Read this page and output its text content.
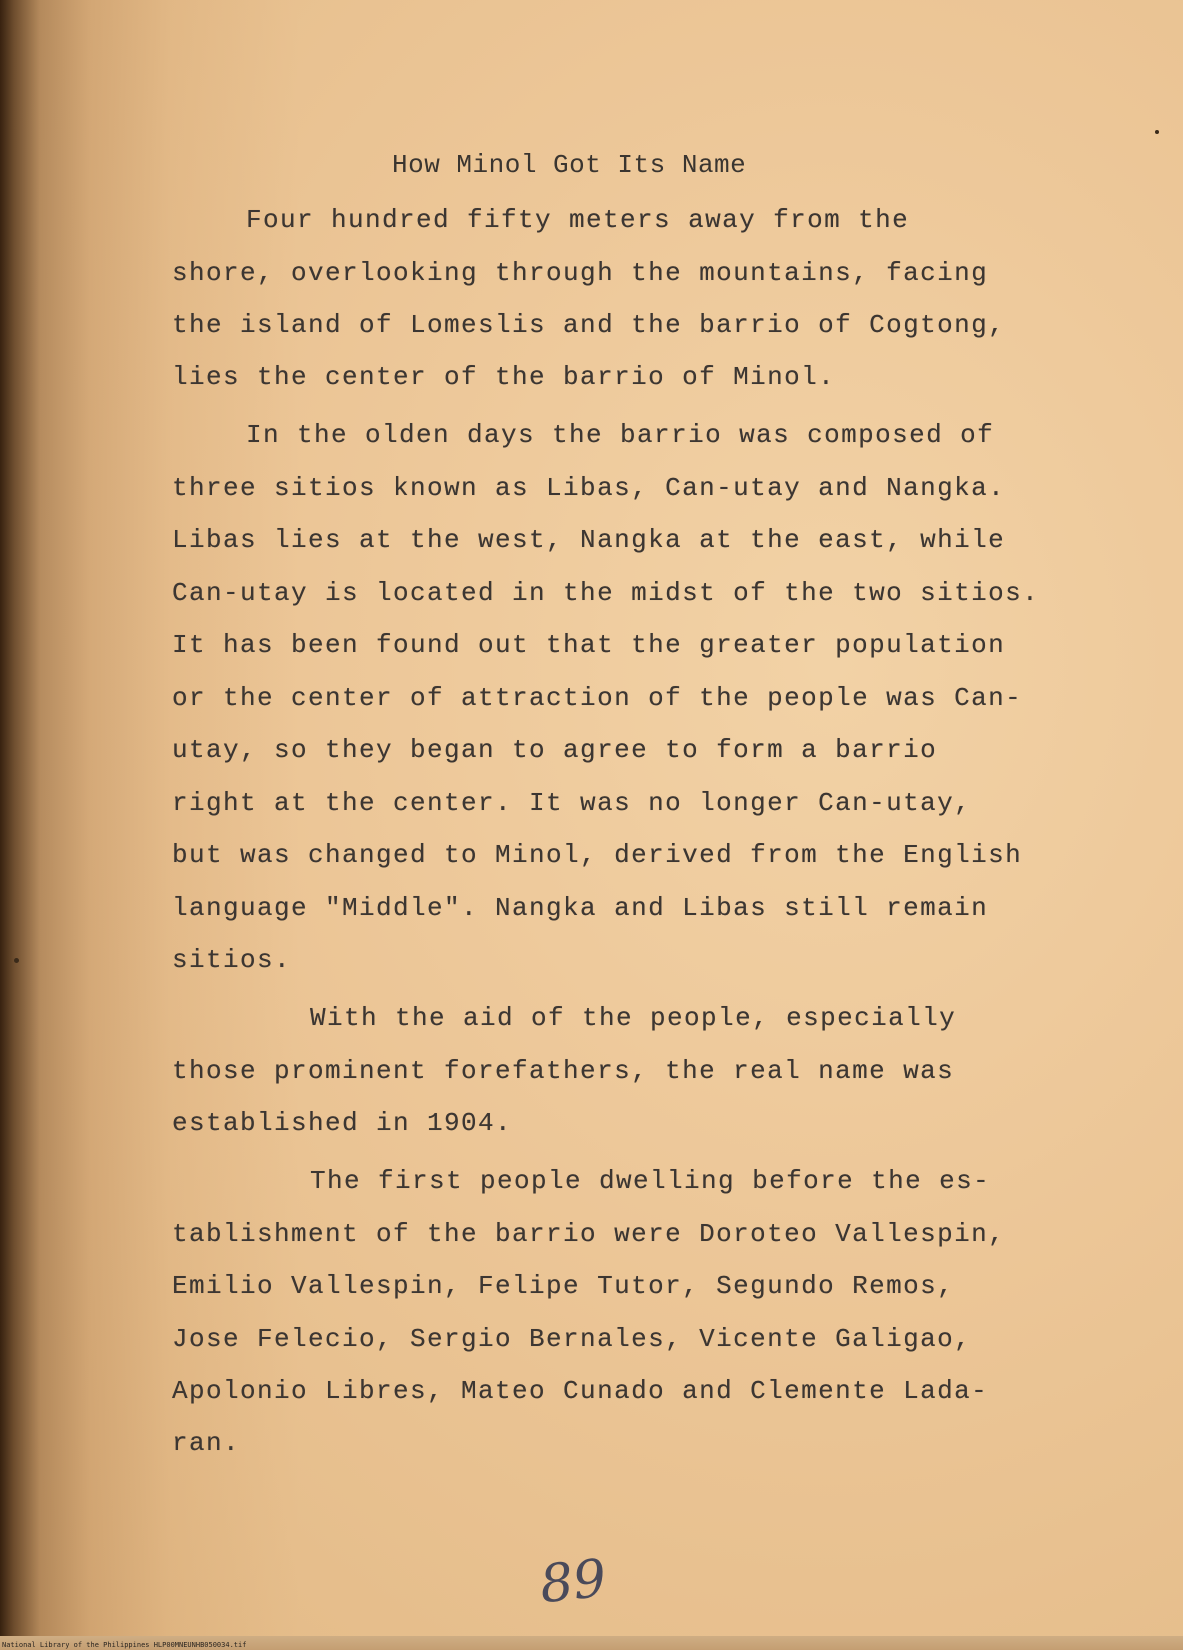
How Minol Got Its Name
Four hundred fifty meters away from the
shore, overlooking through the mountains, facing
the island of Lomeslis and the barrio of Cogtong,
lies the center of the barrio of Minol.
In the olden days the barrio was composed of
three sitios known as Libas, Can-utay and Nangka.
Libas lies at the west, Nangka at the east, while
Can-utay is located in the midst of the two sitios.
It has been found out that the greater population
or the center of attraction of the people was Can-
utay, so they began to agree to form a barrio
right at the center. It was no longer Can-utay,
but was changed to Minol, derived from the English
language "Middle". Nangka and Libas still remain
sitios.
With the aid of the people, especially
those prominent forefathers, the real name was
established in 1904.
The first people dwelling before the es-
tablishment of the barrio were Doroteo Vallespin,
Emilio Vallespin, Felipe Tutor, Segundo Remos,
Jose Felecio, Sergio Bernales, Vicente Galigao,
Apolonio Libres, Mateo Cunado and Clemente Lada-
ran.
89
National Library of the Philippines HLP00MNEUNHB050034.tif
